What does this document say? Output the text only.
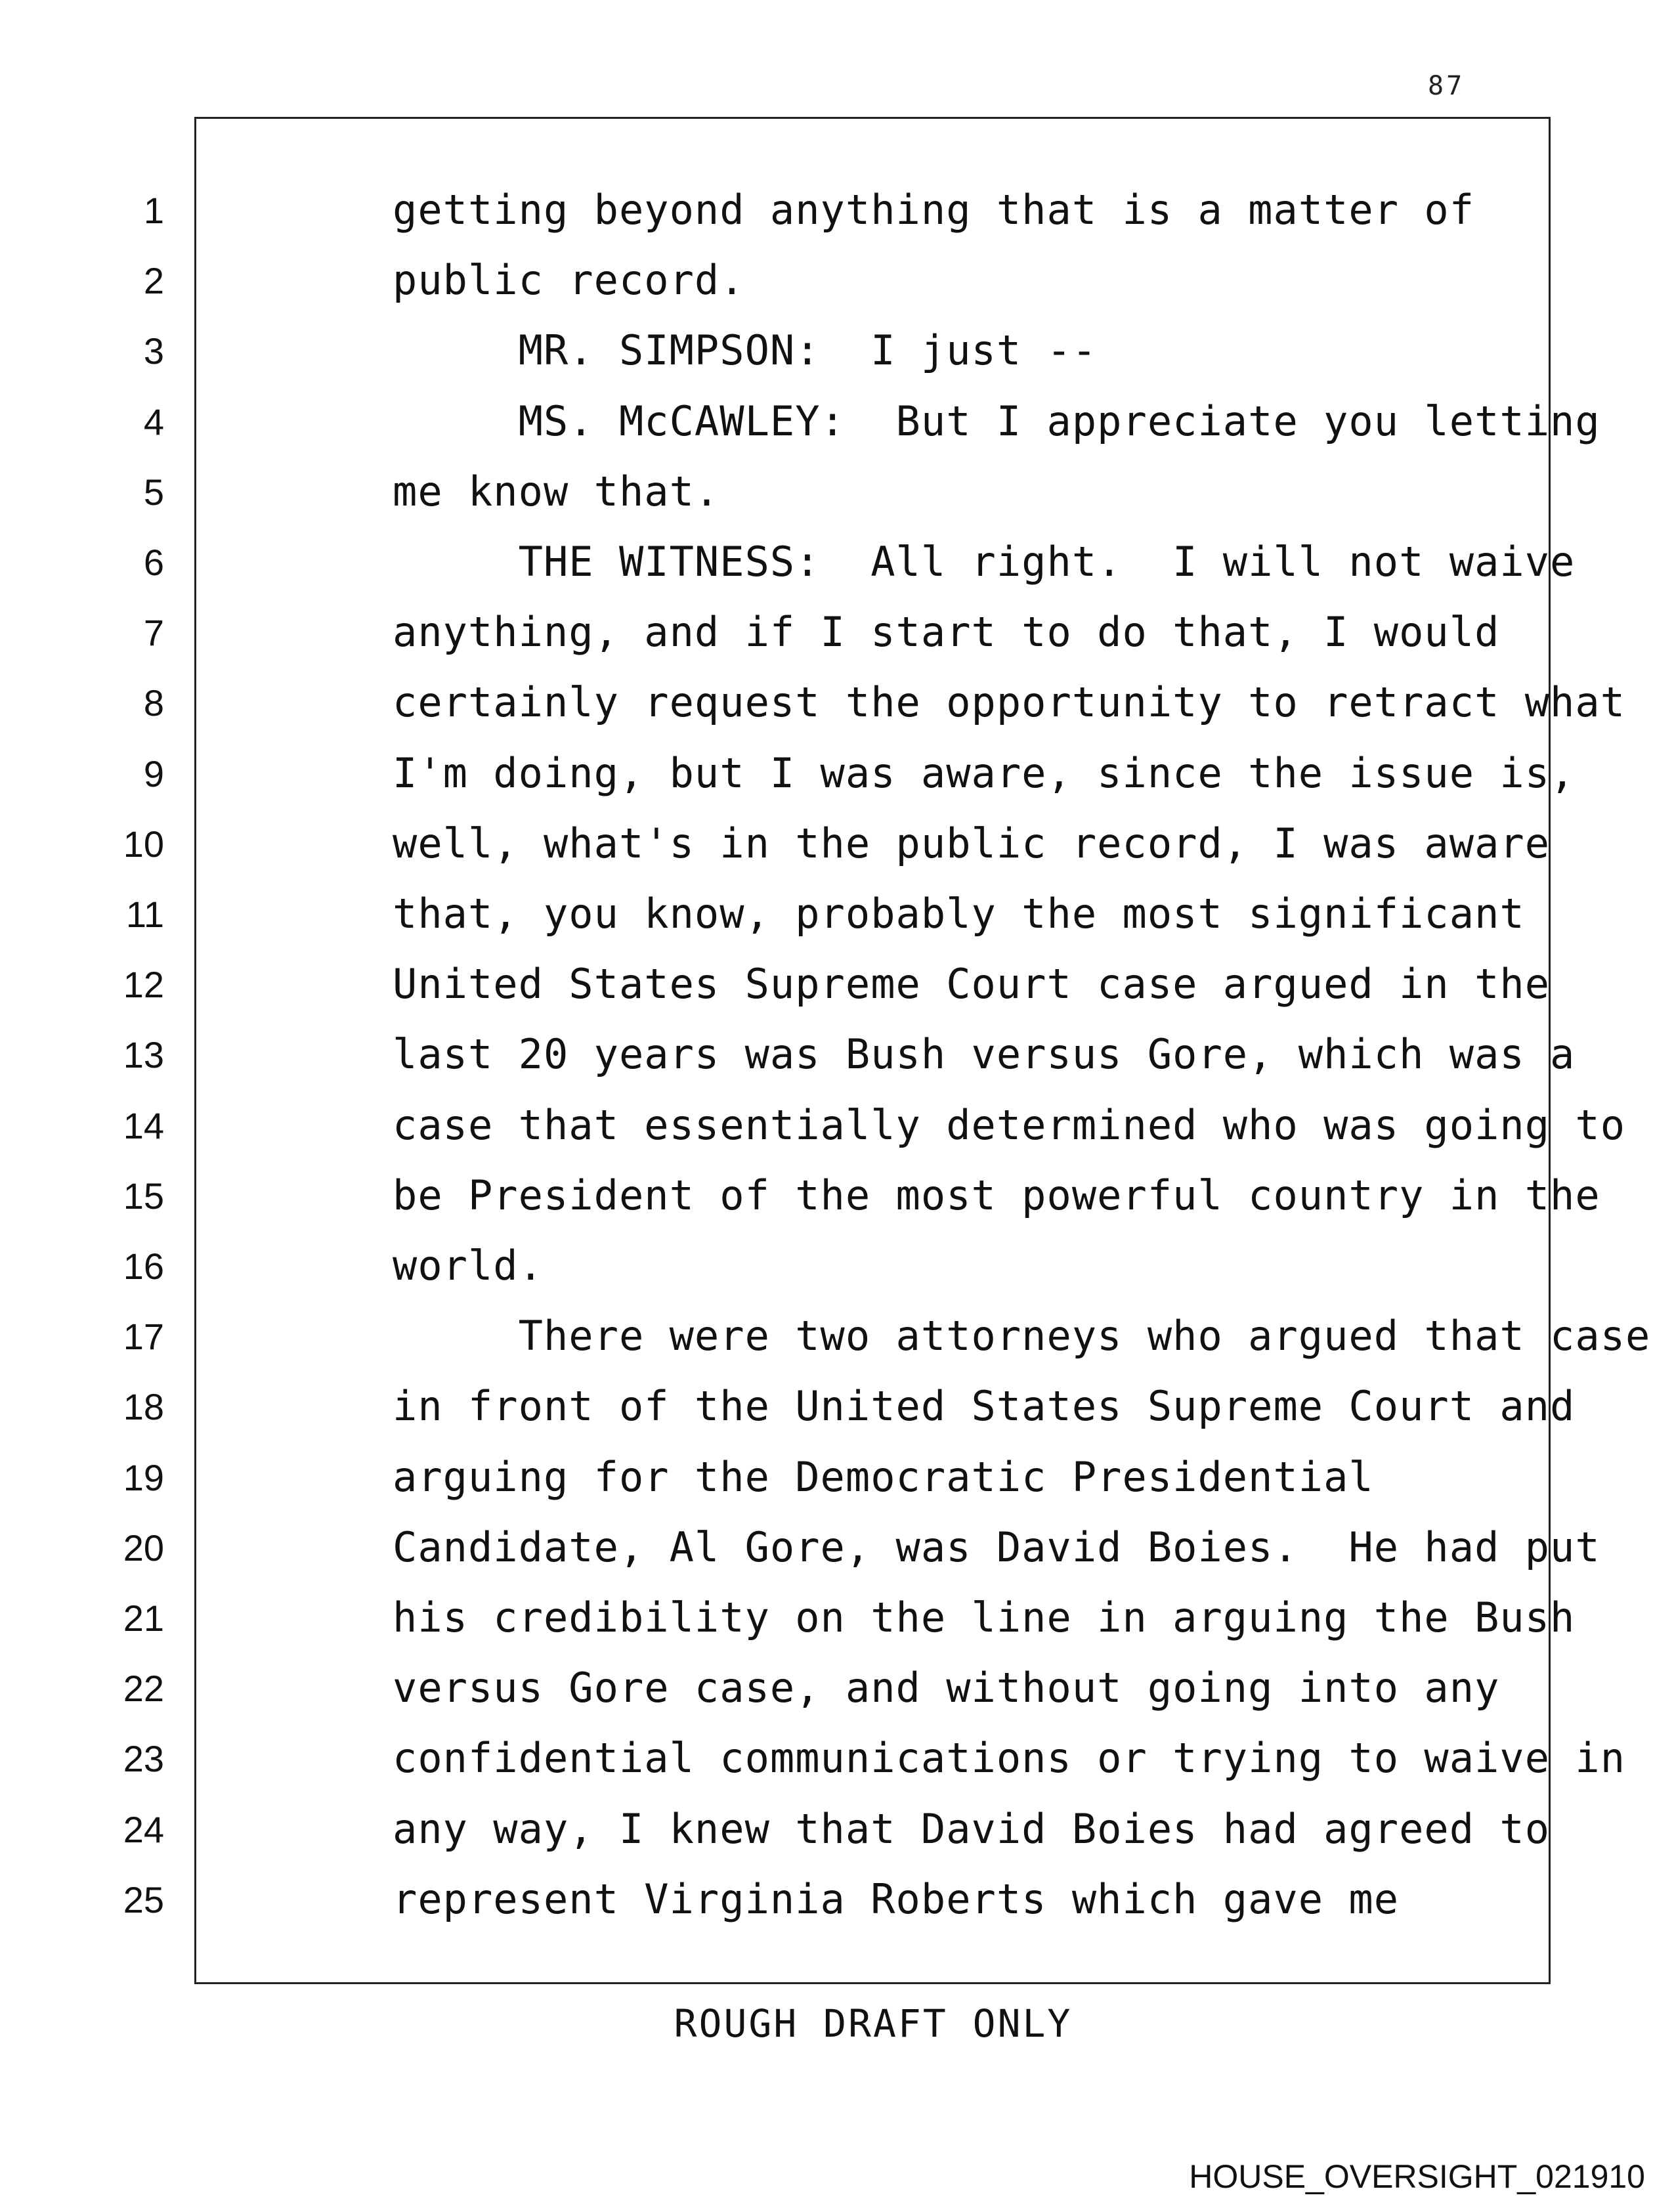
87
1
2
3
4
5
6
7
8
9
10
11
12
13
14
15
16
17
18
19
20
21
22
23
24
25
getting beyond anything that is a matter of
public record.
MR. SIMPSON:  I just --
MS. McCAWLEY:  But I appreciate you letting
me know that.
THE WITNESS:  All right.  I will not waive
anything, and if I start to do that, I would
certainly request the opportunity to retract what
I'm doing, but I was aware, since the issue is,
well, what's in the public record, I was aware
that, you know, probably the most significant
United States Supreme Court case argued in the
last 20 years was Bush versus Gore, which was a
case that essentially determined who was going to
be President of the most powerful country in the
world.
There were two attorneys who argued that case
in front of the United States Supreme Court and
arguing for the Democratic Presidential
Candidate, Al Gore, was David Boies.  He had put
his credibility on the line in arguing the Bush
versus Gore case, and without going into any
confidential communications or trying to waive in
any way, I knew that David Boies had agreed to
represent Virginia Roberts which gave me
ROUGH DRAFT ONLY
HOUSE_OVERSIGHT_021910
